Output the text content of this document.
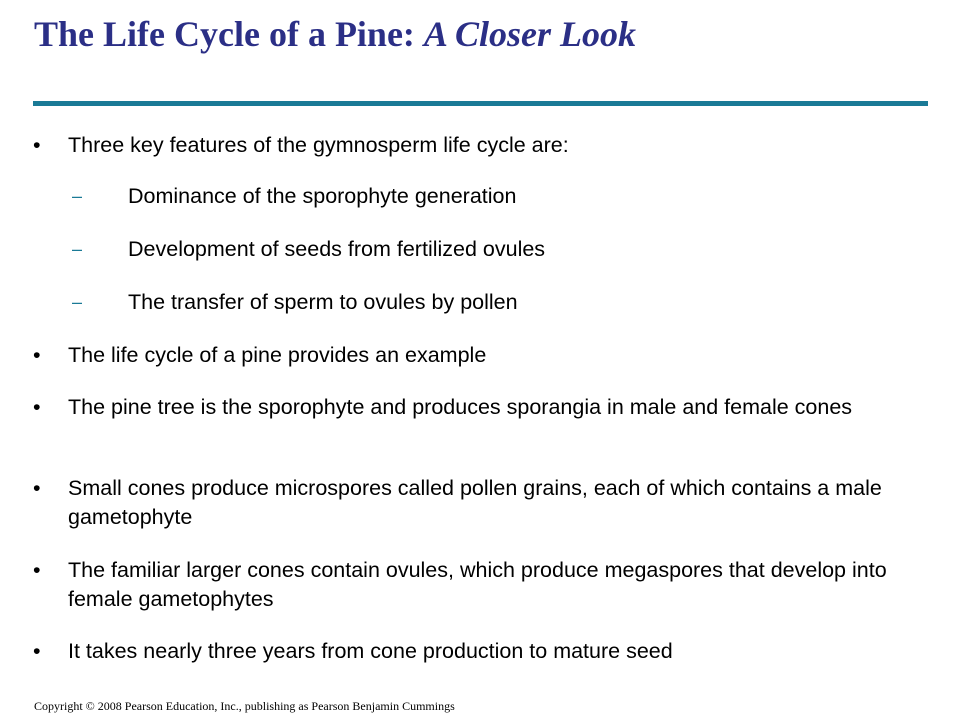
The Life Cycle of a Pine: A Closer Look
•	Three key features of the gymnosperm life cycle are:
–	Dominance of the sporophyte generation
–	Development of seeds from fertilized ovules
–	The transfer of sperm to ovules by pollen
•	The life cycle of a pine provides an example
•	The pine tree is the sporophyte and produces sporangia in male and female cones
•	Small cones produce microspores called pollen grains, each of which contains a male gametophyte
•	The familiar larger cones contain ovules, which produce megaspores that develop into female gametophytes
•	It takes nearly three years from cone production to mature seed
Copyright © 2008 Pearson Education, Inc., publishing as Pearson Benjamin Cummings
